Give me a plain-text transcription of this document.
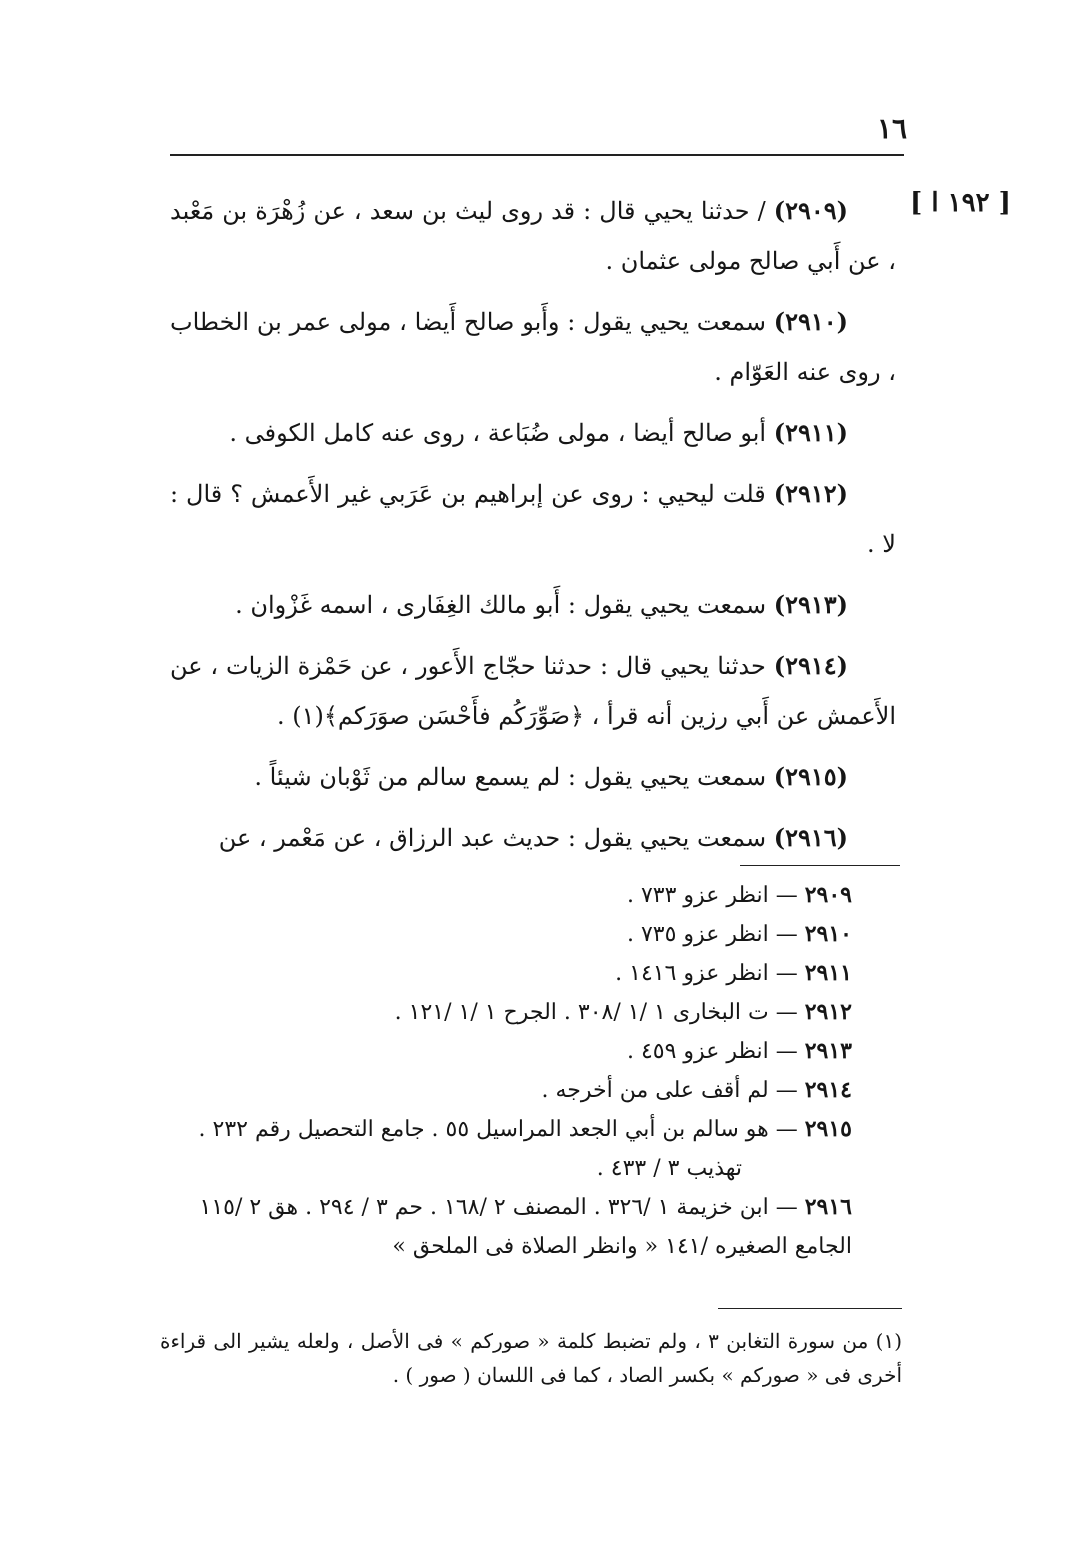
١٦
[ ١٩٢ ا ]

(٢٩٠٩) / حدثنا يحيي قال : قد روى ليث بن سعد ، عن زُهْرَة بن مَعْبد ، عن أَبي صالح مولى عثمان .

(٢٩١٠) سمعت يحيي يقول : وأَبو صالح أَيضا ، مولى عمر بن الخطاب ، روى عنه العَوّام .

(٢٩١١) أبو صالح أيضا ، مولى ضُبَاعة ، روى عنه كامل الكوفى .

(٢٩١٢) قلت ليحيي : روى عن إبراهيم بن عَرَبي غير الأَعمش ؟ قال : لا .

(٢٩١٣) سمعت يحيي يقول : أَبو مالك الغِفَارى ، اسمه غَزْوان .

(٢٩١٤) حدثنا يحيي قال : حدثنا حجّاج الأَعور ، عن حَمْزة الزيات ، عن الأَعمش عن أَبي رزين أنه قرأ ، ﴿صَوِّرَكُم فأَحْسَن صوَرَكم﴾(١) .

(٢٩١٥) سمعت يحيي يقول : لم يسمع سالم من ثَوْبان شيئاً .

(٢٩١٦) سمعت يحيي يقول : حديث عبد الرزاق ، عن مَعْمر ، عن

٢٩٠٩ — انظر عزو ٧٣٣ .

٢٩١٠ — انظر عزو ٧٣٥ .

٢٩١١ — انظر عزو ١٤١٦ .

٢٩١٢ — ت البخارى ١ /١ /٣٠٨ . الجرح ١ /١ /١٢١ .

٢٩١٣ — انظر عزو ٤٥٩ .

٢٩١٤ — لم أقف على من أخرجه .

٢٩١٥ — هو سالم بن أبي الجعد المراسيل ٥٥ . جامع التحصيل رقم ٢٣٢ .

تهذيب ٣ / ٤٣٣ .

٢٩١٦ — ابن خزيمة ١ /٣٢٦ . المصنف ٢ /١٦٨ . حم ٣ / ٢٩٤ . هق ٢ /١١٥ الجامع الصغيره /١٤١ « وانظر الصلاة فى الملحق »

(١) من سورة التغابن ٣ ، ولم تضبط كلمة « صوركم » فى الأصل ، ولعله يشير الى قراءة أخرى فى « صوركم » بكسر الصاد ، كما فى اللسان ( صور ) .
